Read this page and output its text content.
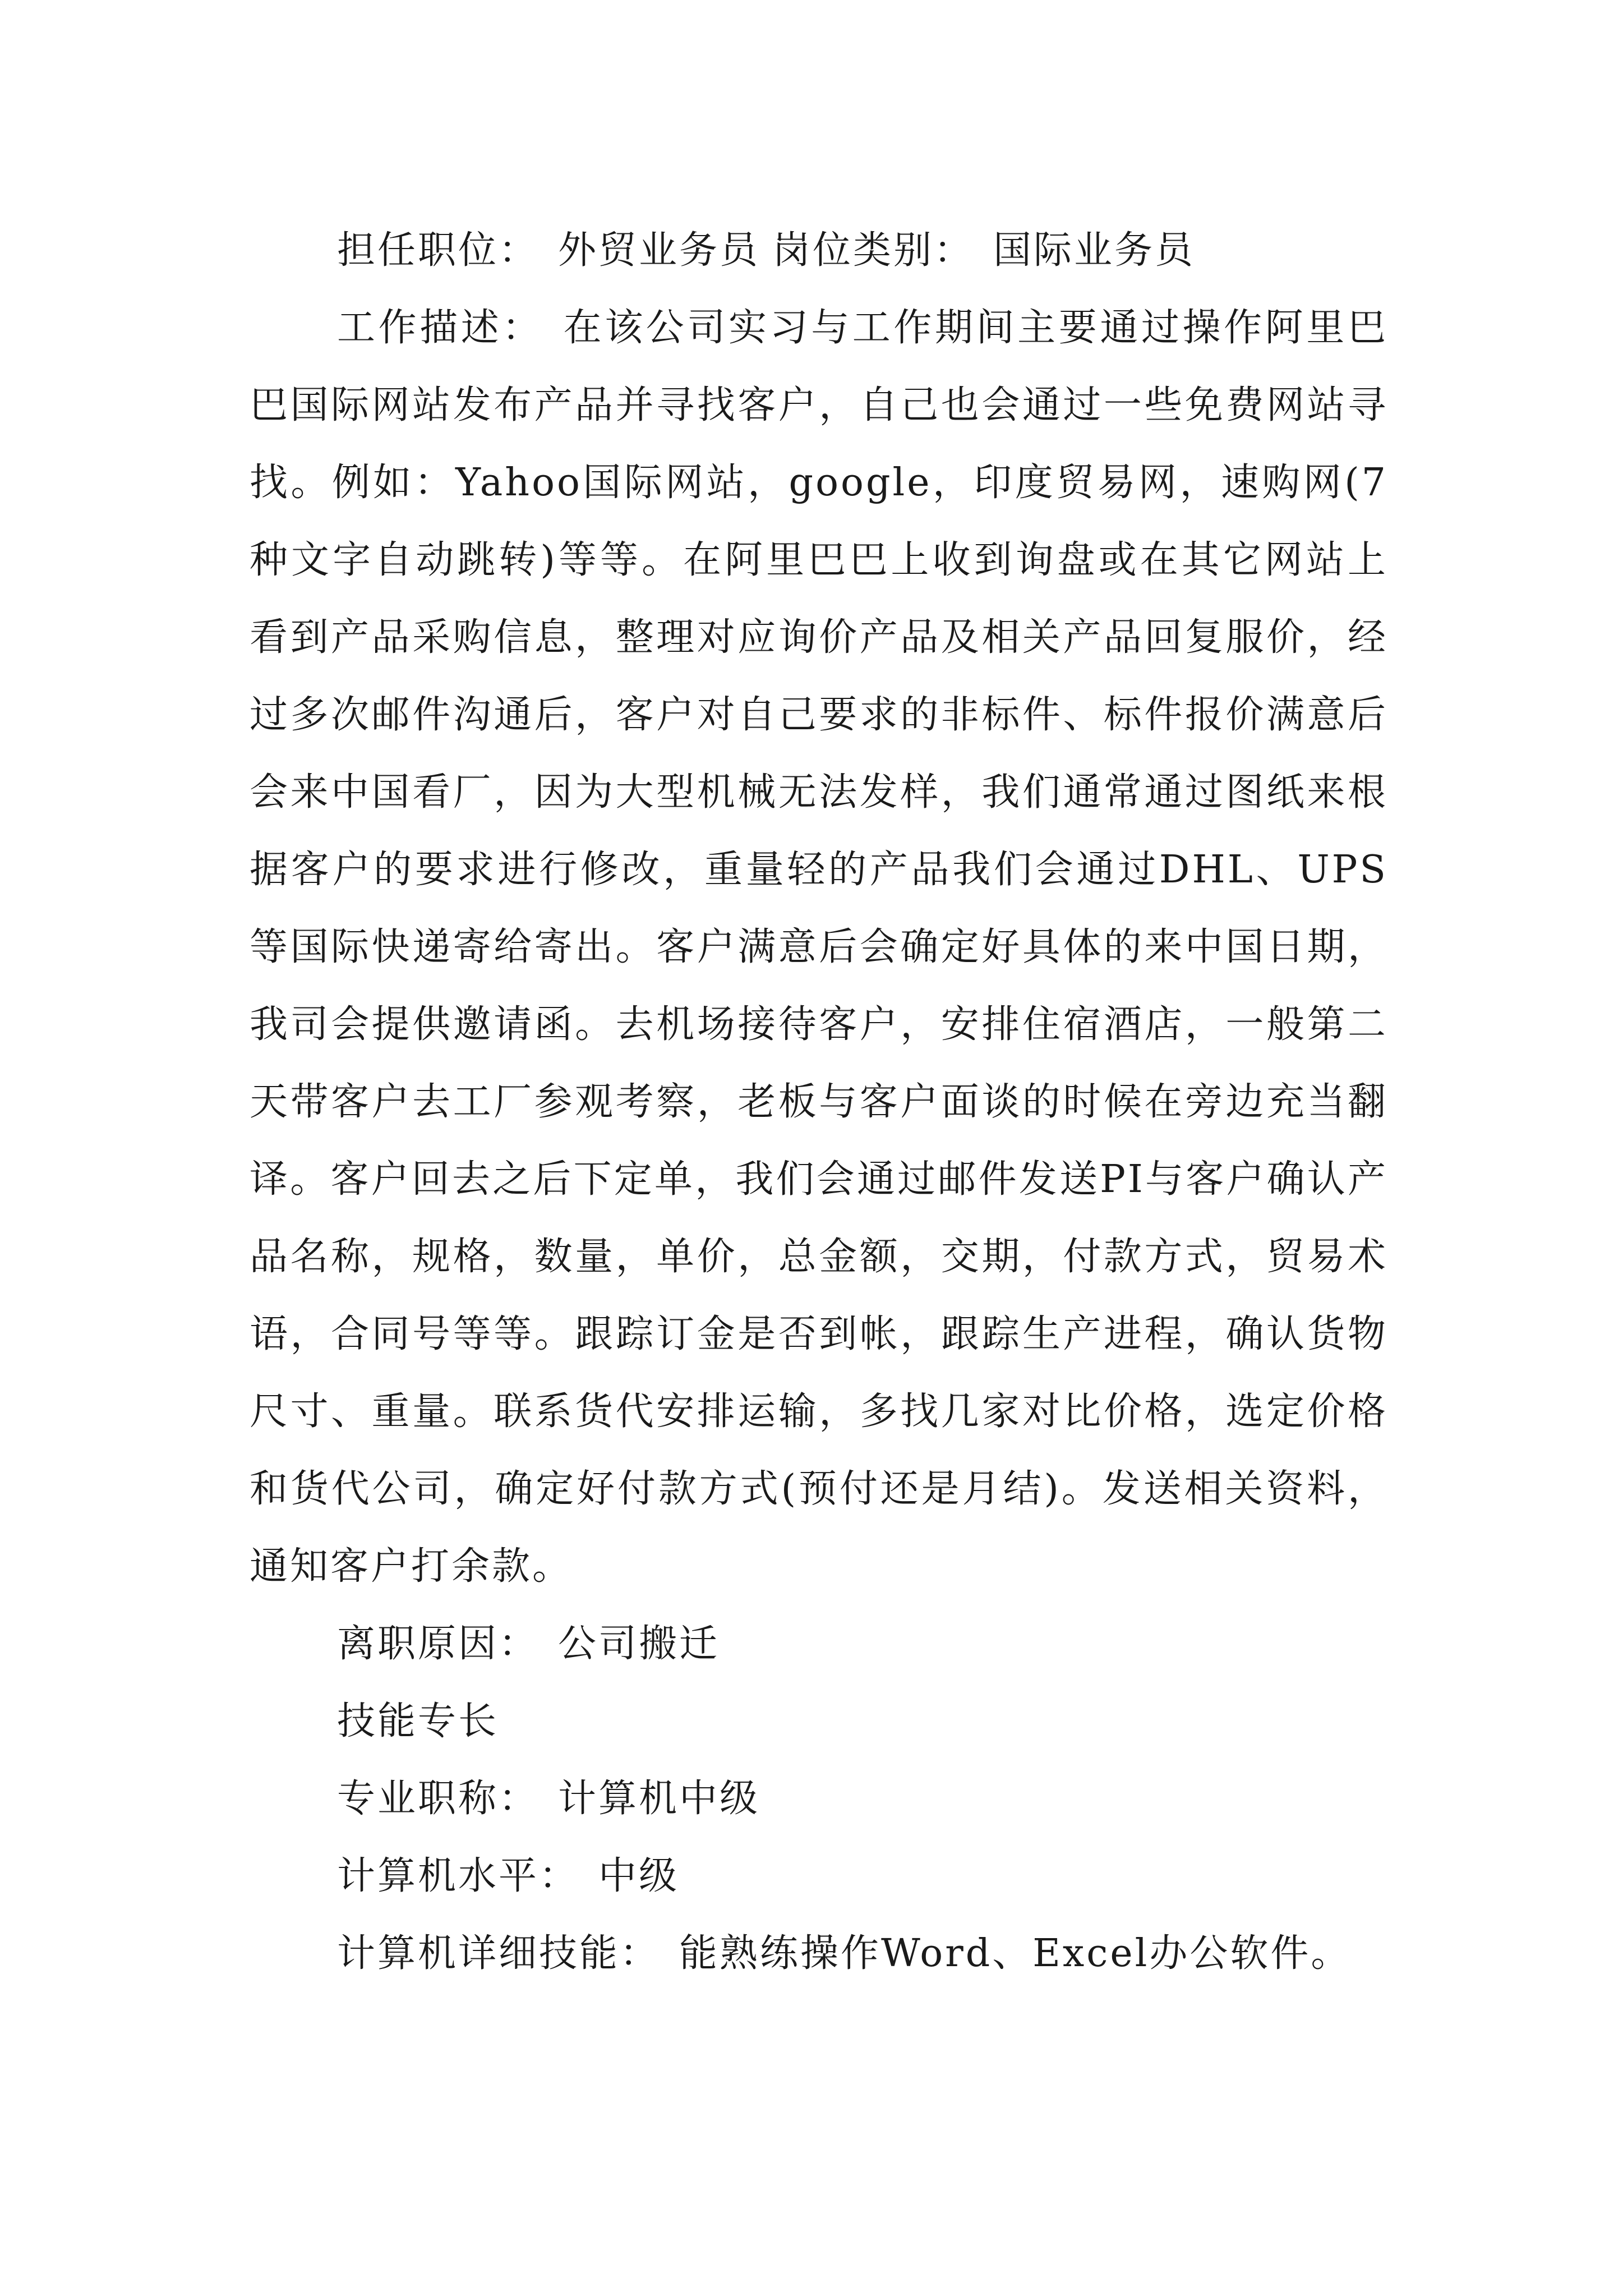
担任职位： 外贸业务员 岗位类别： 国际业务员

工作描述： 在该公司实习与工作期间主要通过操作阿里巴巴国际网站发布产品并寻找客户，自己也会通过一些免费网站寻找。例如：Yahoo国际网站，google，印度贸易网，速购网(7种文字自动跳转)等等。在阿里巴巴上收到询盘或在其它网站上看到产品采购信息，整理对应询价产品及相关产品回复服价，经过多次邮件沟通后，客户对自己要求的非标件、标件报价满意后会来中国看厂，因为大型机械无法发样，我们通常通过图纸来根据客户的要求进行修改，重量轻的产品我们会通过DHL、UPS等国际快递寄给寄出。客户满意后会确定好具体的来中国日期，我司会提供邀请函。去机场接待客户，安排住宿酒店，一般第二天带客户去工厂参观考察，老板与客户面谈的时候在旁边充当翻译。客户回去之后下定单，我们会通过邮件发送PI与客户确认产品名称，规格，数量，单价，总金额，交期，付款方式，贸易术语，合同号等等。跟踪订金是否到帐，跟踪生产进程，确认货物尺寸、重量。联系货代安排运输，多找几家对比价格，选定价格和货代公司，确定好付款方式(预付还是月结)。发送相关资料，通知客户打余款。

离职原因： 公司搬迁

技能专长

专业职称： 计算机中级

计算机水平： 中级

计算机详细技能： 能熟练操作Word、Excel办公软件。
